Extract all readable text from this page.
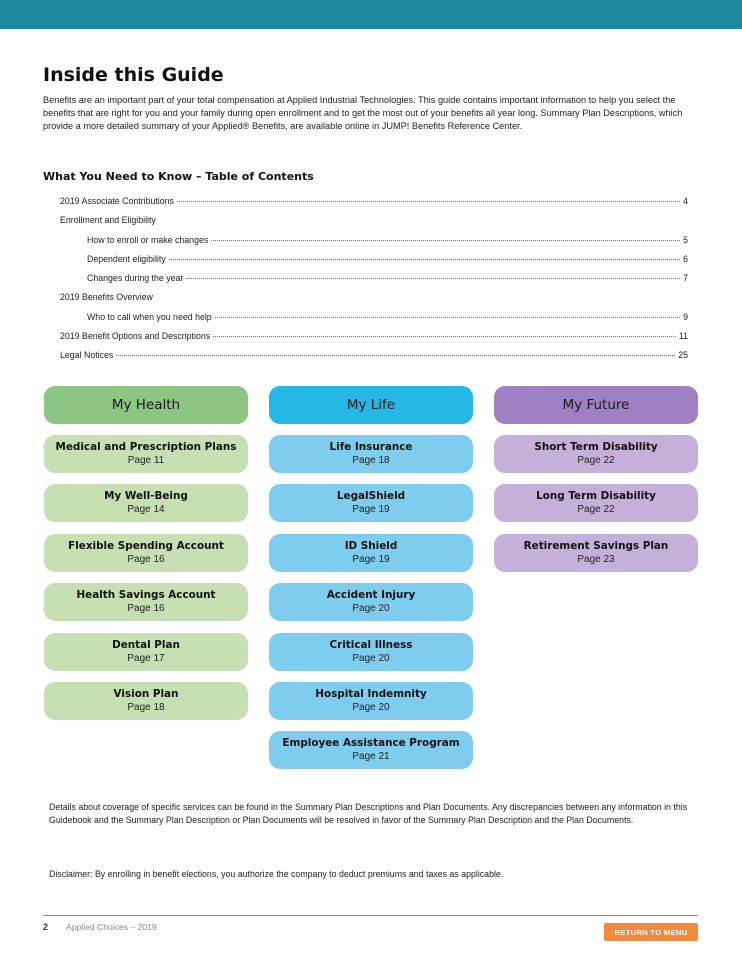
Inside this Guide

Benefits are an important part of your total compensation at Applied Industrial Technologies. This guide contains important information to help you select the benefits that are right for you and your family during open enrollment and to get the most out of your benefits all year long. Summary Plan Descriptions, which provide a more detailed summary of your Applied® Benefits, are available online in JUMP! Benefits Reference Center.

What You Need to Know – Table of Contents
2019 Associate Contributions	4
Enrollment and Eligibility
How to enroll or make changes	5
Dependent eligibility	6
Changes during the year	7
2019 Benefits Overview
Who to call when you need help	9
2019 Benefit Options and Descriptions	11
Legal Notices	25
My Health
Medical and Prescription Plans
Page 11
My Well-Being
Page 14
Flexible Spending Account
Page 16
Health Savings Account
Page 16
Dental Plan
Page 17
Vision Plan
Page 18
My Life
Life Insurance
Page 18
LegalShield
Page 19
ID Shield
Page 19
Accident Injury
Page 20
Critical Illness
Page 20
Hospital Indemnity
Page 20
Employee Assistance Program
Page 21
My Future
Short Term Disability
Page 22
Long Term Disability
Page 22
Retirement Savings Plan
Page 23

Details about coverage of specific services can be found in the Summary Plan Descriptions and Plan Documents. Any discrepancies between any information in this Guidebook and the Summary Plan Description or Plan Documents will be resolved in favor of the Summary Plan Description and the Plan Documents.

Disclaimer: By enrolling in benefit elections, you authorize the company to deduct premiums and taxes as applicable.

2 Applied Choices – 2019	RETURN TO MENU
